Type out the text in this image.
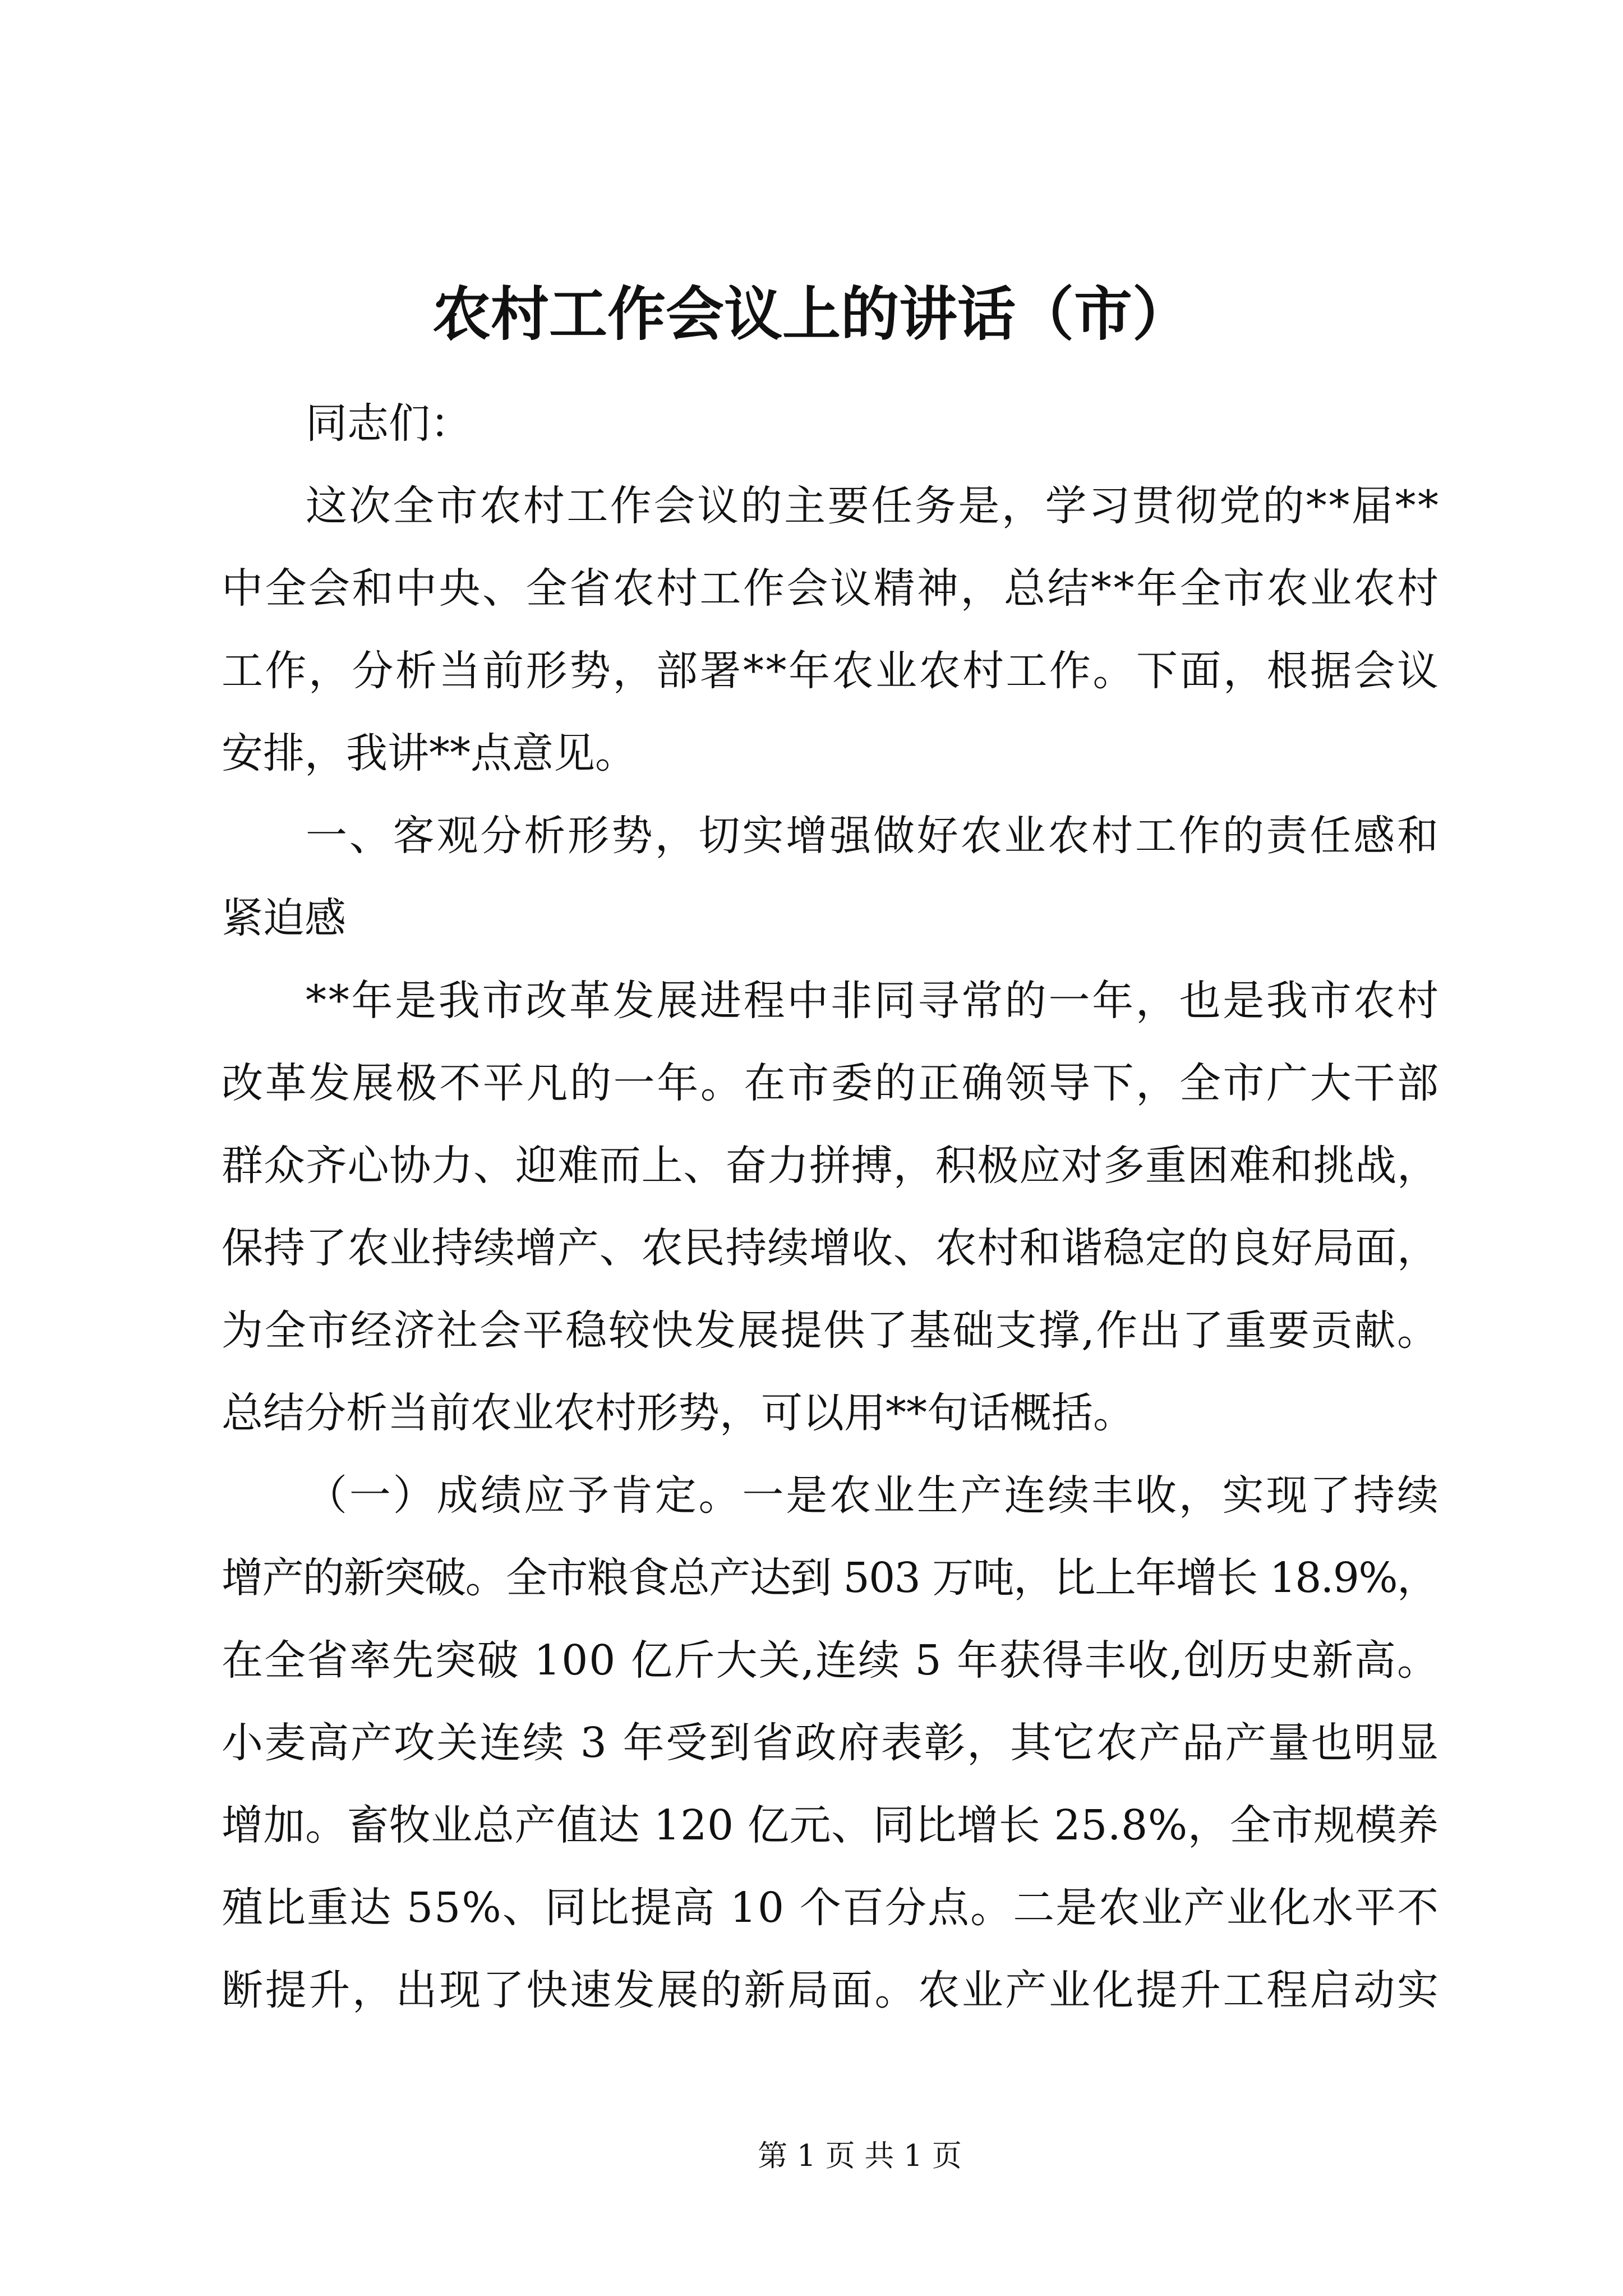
农村工作会议上的讲话（市）
同志们：
这次全市农村工作会议的主要任务是，学习贯彻党的**届**
中全会和中央、全省农村工作会议精神，总结**年全市农业农村
工作，分析当前形势，部署**年农业农村工作。下面，根据会议
安排，我讲**点意见。
一、客观分析形势，切实增强做好农业农村工作的责任感和
紧迫感
**年是我市改革发展进程中非同寻常的一年，也是我市农村
改革发展极不平凡的一年。在市委的正确领导下，全市广大干部
群众齐心协力、迎难而上、奋力拼搏，积极应对多重困难和挑战，
保持了农业持续增产、农民持续增收、农村和谐稳定的良好局面，
为全市经济社会平稳较快发展提供了基础支撑,作出了重要贡献。
总结分析当前农业农村形势，可以用**句话概括。
（一）成绩应予肯定。一是农业生产连续丰收，实现了持续
增产的新突破。全市粮食总产达到 503 万吨，比上年增长 18.9%，
在全省率先突破 100 亿斤大关,连续 5 年获得丰收,创历史新高。
小麦高产攻关连续 3 年受到省政府表彰，其它农产品产量也明显
增加。畜牧业总产值达 120 亿元、同比增长 25.8%，全市规模养
殖比重达 55%、同比提高 10 个百分点。二是农业产业化水平不
断提升，出现了快速发展的新局面。农业产业化提升工程启动实
第 1 页 共 1 页
